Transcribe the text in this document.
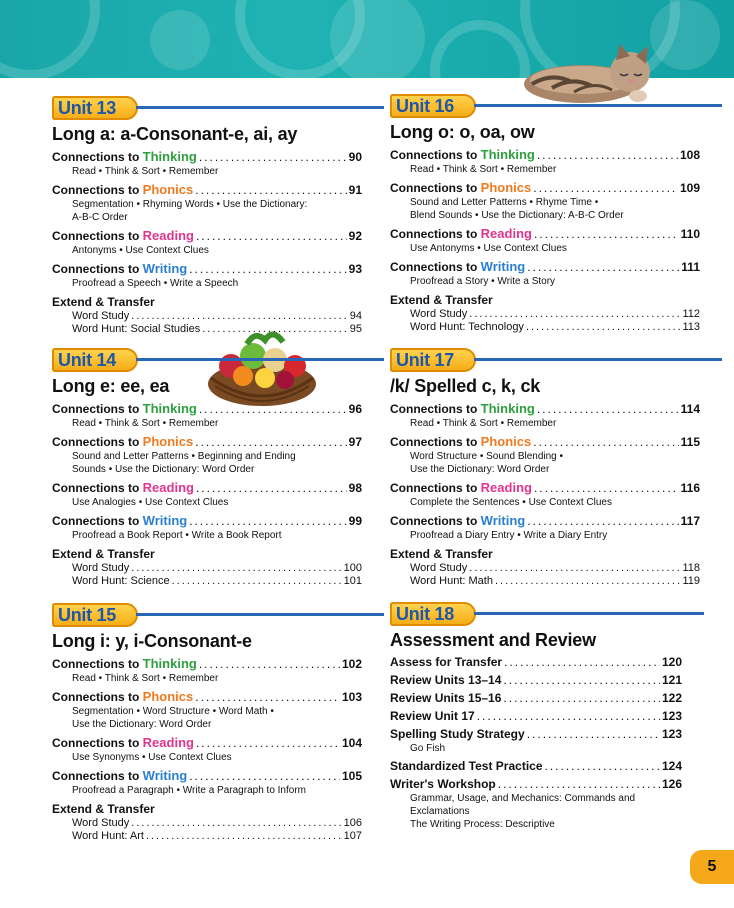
Unit 13
Long a: a-Consonant-e, ai, ay
Connections to Thinking .....	90
Read • Think & Sort • Remember
Connections to Phonics .....	91
Segmentation • Rhyming Words • Use the Dictionary:
A-B-C Order
Connections to Reading .....	92
Antonyms • Use Context Clues
Connections to Writing .....	93
Proofread a Speech • Write a Speech
Extend & Transfer
Word Study .....	94
Word Hunt: Social Studies .....	95
Unit 14
Long e: ee, ea
Connections to Thinking .....	96
Read • Think & Sort • Remember
Connections to Phonics .....	97
Sound and Letter Patterns • Beginning and Ending
Sounds • Use the Dictionary: Word Order
Connections to Reading .....	98
Use Analogies • Use Context Clues
Connections to Writing .....	99
Proofread a Book Report • Write a Book Report
Extend & Transfer
Word Study .....	100
Word Hunt: Science .....	101
Unit 15
Long i: y, i-Consonant-e
Connections to Thinking .....	102
Read • Think & Sort • Remember
Connections to Phonics .....	103
Segmentation • Word Structure • Word Math •
Use the Dictionary: Word Order
Connections to Reading .....	104
Use Synonyms • Use Context Clues
Connections to Writing .....	105
Proofread a Paragraph • Write a Paragraph to Inform
Extend & Transfer
Word Study .....	106
Word Hunt: Art .....	107
Unit 16
Long o: o, oa, ow
Connections to Thinking .....	108
Read • Think & Sort • Remember
Connections to Phonics .....	109
Sound and Letter Patterns • Rhyme Time •
Blend Sounds • Use the Dictionary: A-B-C Order
Connections to Reading .....	110
Use Antonyms • Use Context Clues
Connections to Writing .....	111
Proofread a Story • Write a Story
Extend & Transfer
Word Study .....	112
Word Hunt: Technology .....	113
Unit 17
/k/ Spelled c, k, ck
Connections to Thinking .....	114
Read • Think & Sort • Remember
Connections to Phonics .....	115
Word Structure • Sound Blending •
Use the Dictionary: Word Order
Connections to Reading .....	116
Complete the Sentences • Use Context Clues
Connections to Writing .....	117
Proofread a Diary Entry • Write a Diary Entry
Extend & Transfer
Word Study .....	118
Word Hunt: Math .....	119
Unit 18
Assessment and Review
Assess for Transfer .....	120
Review Units 13–14 .....	121
Review Units 15–16 .....	122
Review Unit 17 .....	123
Spelling Study Strategy .....	123
Go Fish
Standardized Test Practice .....	124
Writer's Workshop .....	126
Grammar, Usage, and Mechanics: Commands and
Exclamations
The Writing Process: Descriptive
5
